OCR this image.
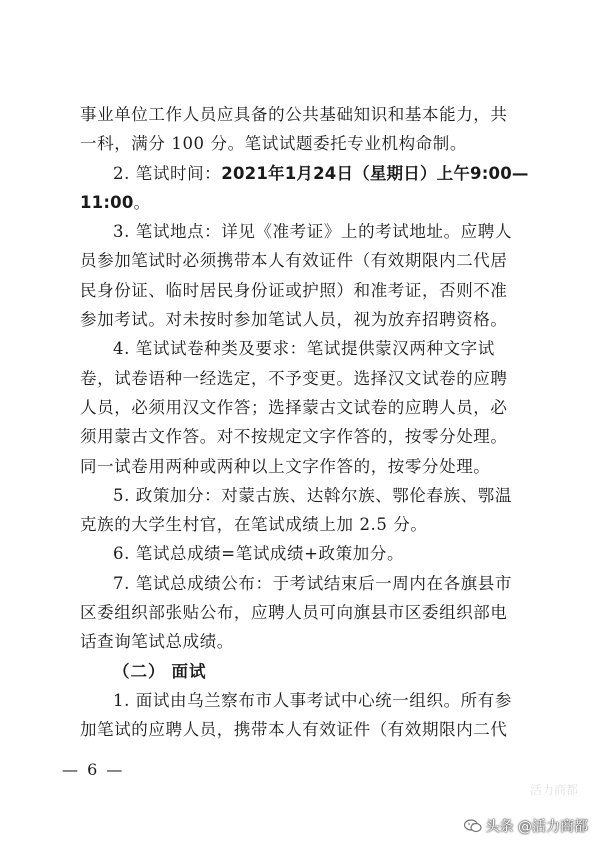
事业单位工作人员应具备的公共基础知识和基本能力，共
一科，满分 100 分。笔试试题委托专业机构命制。
2. 笔试时间：2021年1月24日（星期日）上午9:00—
11:00。
3. 笔试地点：详见《准考证》上的考试地址。应聘人
员参加笔试时必须携带本人有效证件（有效期限内二代居
民身份证、临时居民身份证或护照）和准考证，否则不准
参加考试。对未按时参加笔试人员，视为放弃招聘资格。
4. 笔试试卷种类及要求：笔试提供蒙汉两种文字试
卷，试卷语种一经选定，不予变更。选择汉文试卷的应聘
人员，必须用汉文作答；选择蒙古文试卷的应聘人员，必
须用蒙古文作答。对不按规定文字作答的，按零分处理。
同一试卷用两种或两种以上文字作答的，按零分处理。
5. 政策加分：对蒙古族、达斡尔族、鄂伦春族、鄂温
克族的大学生村官，在笔试成绩上加 2.5 分。
6. 笔试总成绩=笔试成绩+政策加分。
7. 笔试总成绩公布：于考试结束后一周内在各旗县市
区委组织部张贴公布，应聘人员可向旗县市区委组织部电
话查询笔试总成绩。
（二） 面试
1. 面试由乌兰察布市人事考试中心统一组织。所有参
加笔试的应聘人员，携带本人有效证件（有效期限内二代
— 6 —
活力商都
头条 @活力商都
